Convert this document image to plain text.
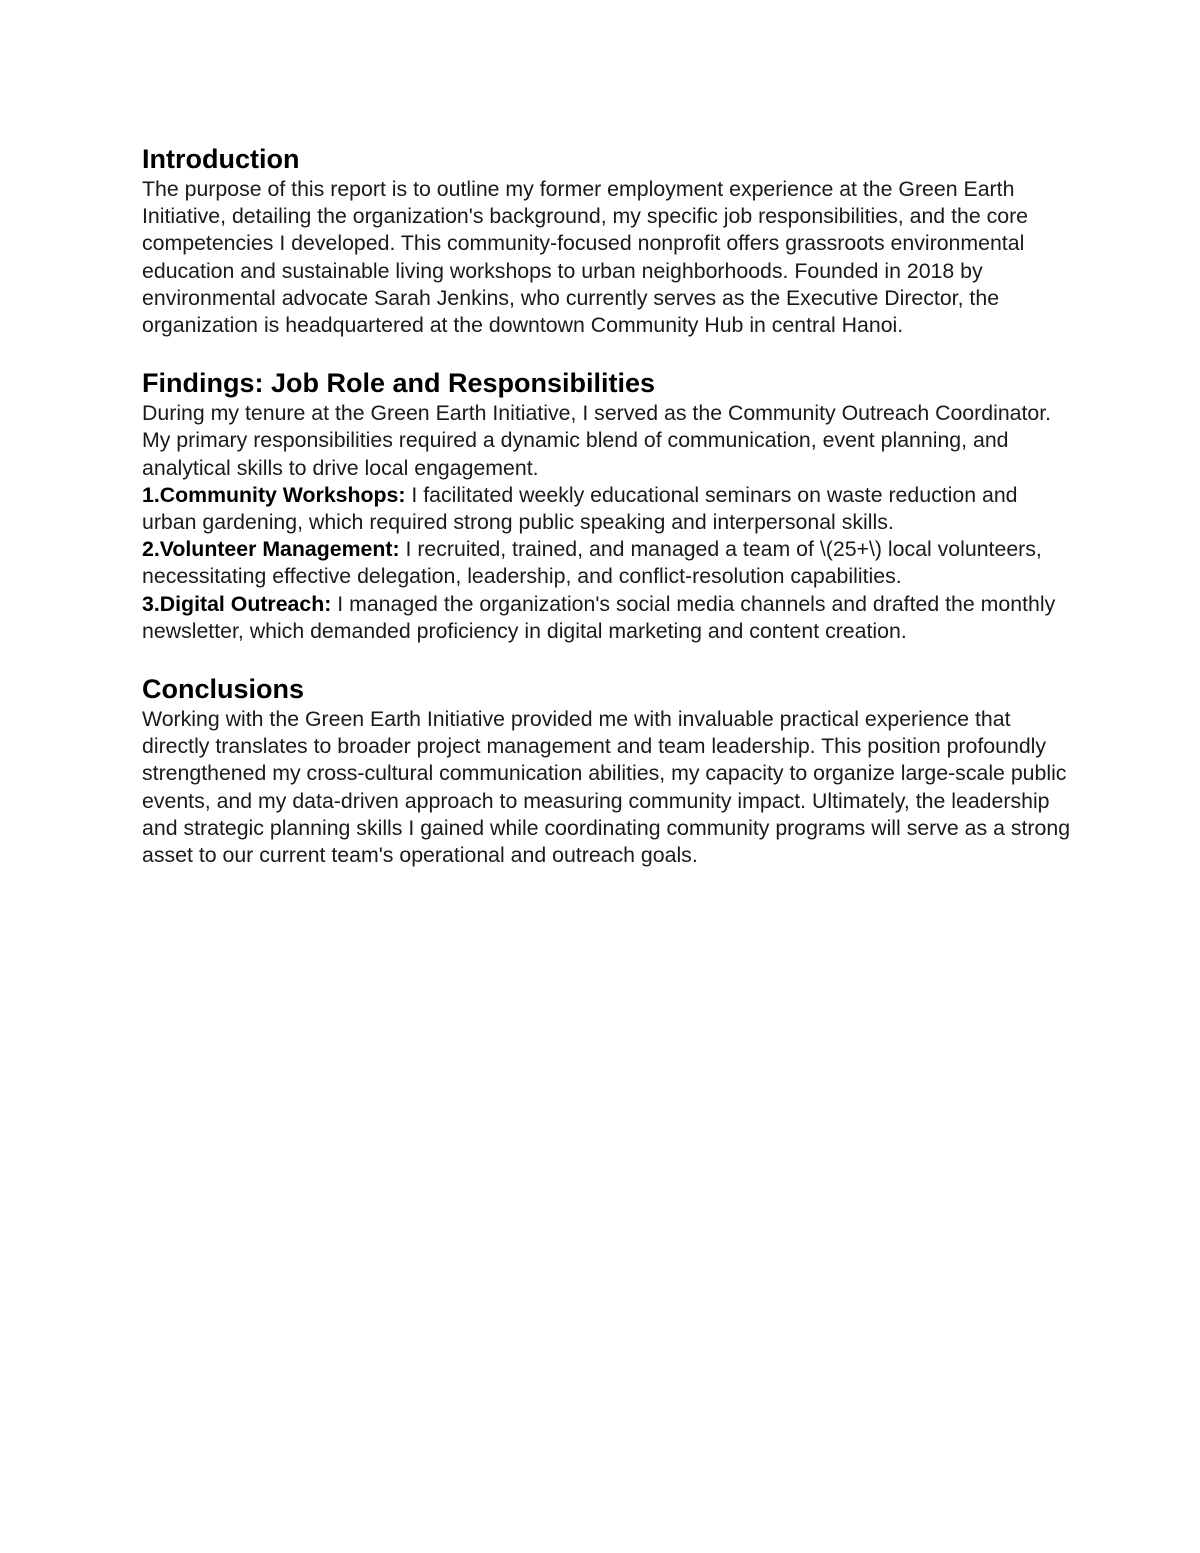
Introduction

The purpose of this report is to outline my former employment experience at the Green Earth Initiative, detailing the organization's background, my specific job responsibilities, and the core competencies I developed. This community-focused nonprofit offers grassroots environmental education and sustainable living workshops to urban neighborhoods. Founded in 2018 by environmental advocate Sarah Jenkins, who currently serves as the Executive Director, the organization is headquartered at the downtown Community Hub in central Hanoi.

Findings: Job Role and Responsibilities

During my tenure at the Green Earth Initiative, I served as the Community Outreach Coordinator. My primary responsibilities required a dynamic blend of communication, event planning, and analytical skills to drive local engagement.

1.Community Workshops: I facilitated weekly educational seminars on waste reduction and urban gardening, which required strong public speaking and interpersonal skills.

2.Volunteer Management: I recruited, trained, and managed a team of \(25+\) local volunteers, necessitating effective delegation, leadership, and conflict-resolution capabilities.

3.Digital Outreach: I managed the organization's social media channels and drafted the monthly newsletter, which demanded proficiency in digital marketing and content creation.

Conclusions

Working with the Green Earth Initiative provided me with invaluable practical experience that directly translates to broader project management and team leadership. This position profoundly strengthened my cross-cultural communication abilities, my capacity to organize large-scale public events, and my data-driven approach to measuring community impact. Ultimately, the leadership and strategic planning skills I gained while coordinating community programs will serve as a strong asset to our current team's operational and outreach goals.
